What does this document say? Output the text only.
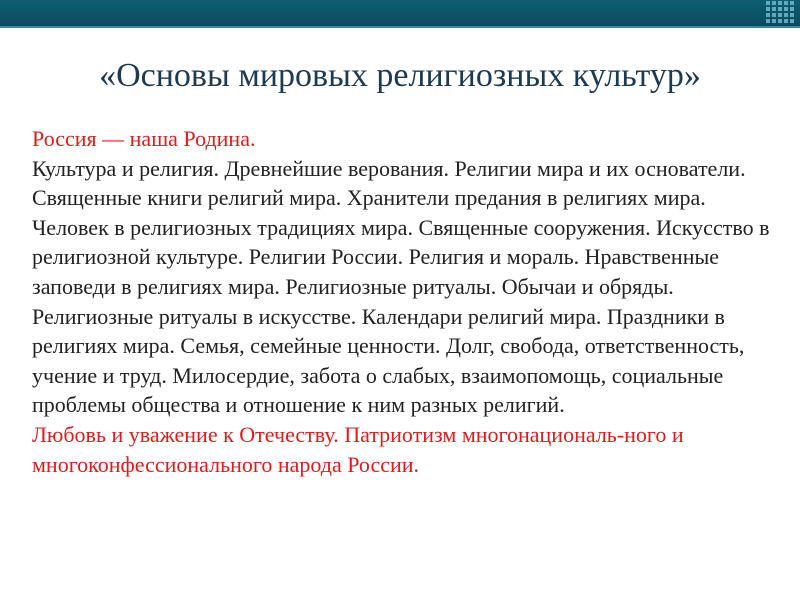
«Основы мировых религиозных культур»

Россия — наша Родина.

Культура и религия. Древнейшие верования. Религии мира и их основатели. Священные книги религий мира. Хранители предания в религиях мира. Человек в религиозных традициях мира. Священные сооружения. Искусство в религиозной культуре. Религии России. Религия и мораль. Нравственные заповеди в религиях мира. Религиозные ритуалы. Обычаи и обряды. Религиозные ритуалы в искусстве. Календари религий мира. Праздники в религиях мира. Семья, семейные ценности. Долг, свобода, ответственность, учение и труд. Милосердие, забота о слабых, взаимопомощь, социальные проблемы общества и отношение к ним разных религий.

Любовь и уважение к Отечеству. Патриотизм многонациональ-ного и многоконфессионального народа России.
